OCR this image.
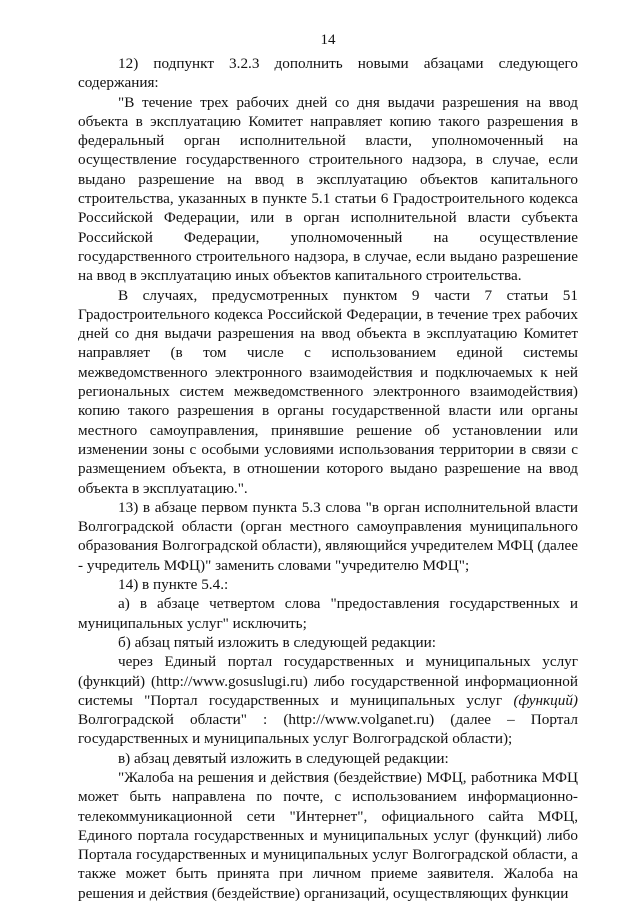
14

12) подпункт 3.2.3 дополнить новыми абзацами следующего содержания:

"В течение трех рабочих дней со дня выдачи разрешения на ввод объекта в эксплуатацию Комитет направляет копию такого разрешения в федеральный орган исполнительной власти, уполномоченный на осуществление государственного строительного надзора, в случае, если выдано разрешение на ввод в эксплуатацию объектов капитального строительства, указанных в пункте 5.1 статьи 6 Градостроительного кодекса Российской Федерации, или в орган исполнительной власти субъекта Российской Федерации, уполномоченный на осуществление государственного строительного надзора, в случае, если выдано разрешение на ввод в эксплуатацию иных объектов капитального строительства.

В случаях, предусмотренных пунктом 9 части 7 статьи 51 Градостроительного кодекса Российской Федерации, в течение трех рабочих дней со дня выдачи разрешения на ввод объекта в эксплуатацию Комитет направляет (в том числе с использованием единой системы межведомственного электронного взаимодействия и подключаемых к ней региональных систем межведомственного электронного взаимодействия) копию такого разрешения в органы государственной власти или органы местного самоуправления, принявшие решение об установлении или изменении зоны с особыми условиями использования территории в связи с размещением объекта, в отношении которого выдано разрешение на ввод объекта в эксплуатацию.".

13) в абзаце первом пункта 5.3 слова "в орган исполнительной власти Волгоградской области (орган местного самоуправления муниципального образования Волгоградской области), являющийся учредителем МФЦ (далее - учредитель МФЦ)" заменить словами "учредителю МФЦ";

14) в пункте 5.4.:

а) в абзаце четвертом слова "предоставления государственных и муниципальных услуг" исключить;

б) абзац пятый изложить в следующей редакции:

через Единый портал государственных и муниципальных услуг (функций) (http://www.gosuslugi.ru) либо государственной информационной системы "Портал государственных и муниципальных услуг (функций) Волгоградской области" : (http://www.volganet.ru) (далее – Портал государственных и муниципальных услуг Волгоградской области);

в) абзац девятый изложить в следующей редакции:

"Жалоба на решения и действия (бездействие) МФЦ, работника МФЦ может быть направлена по почте, с использованием информационно-телекоммуникационной сети "Интернет", официального сайта МФЦ, Единого портала государственных и муниципальных услуг (функций) либо Портала государственных и муниципальных услуг Волгоградской области, а также может быть принята при личном приеме заявителя. Жалоба на решения и действия (бездействие) организаций, осуществляющих функции
